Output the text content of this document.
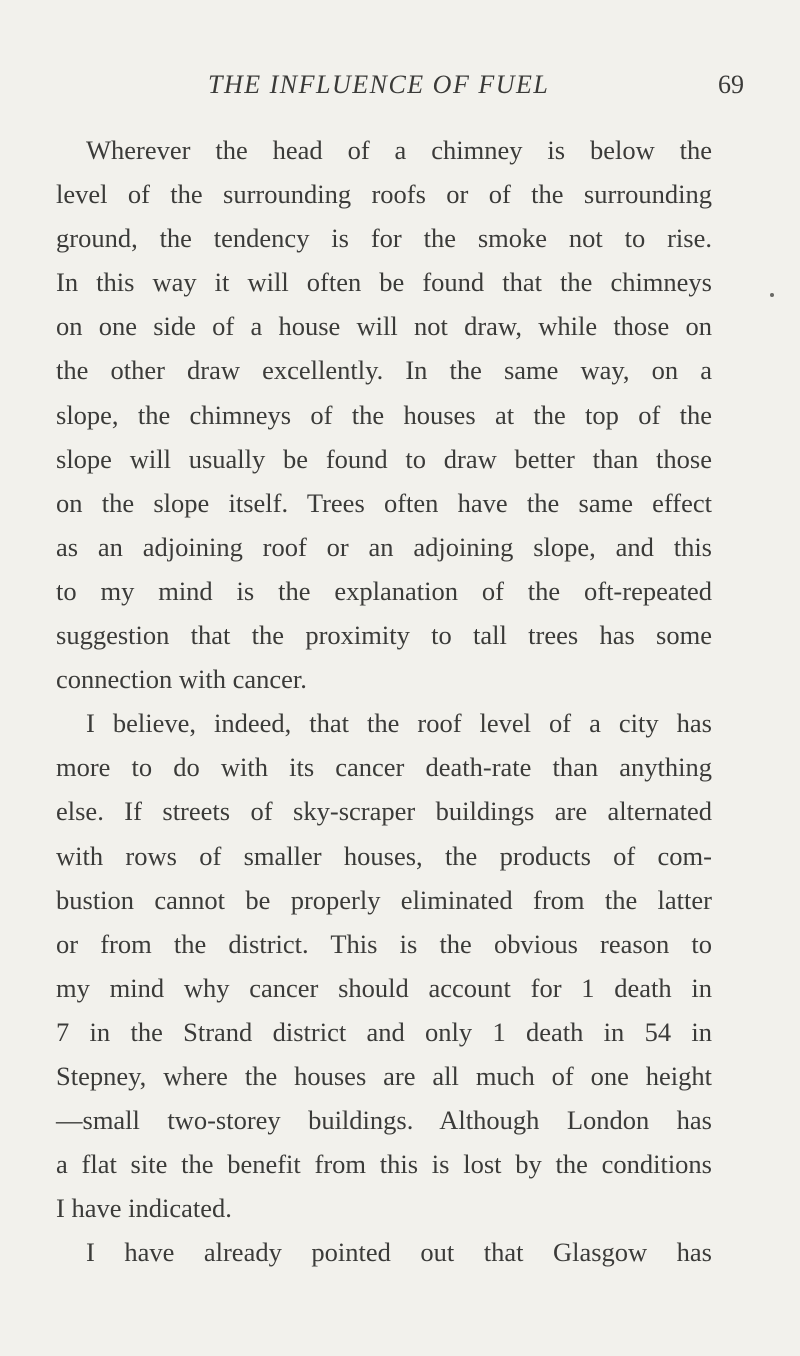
THE INFLUENCE OF FUEL	69
Wherever the head of a chimney is below the
level of the surrounding roofs or of the surrounding
ground, the tendency is for the smoke not to rise.
In this way it will often be found that the chimneys
on one side of a house will not draw, while those on
the other draw excellently. In the same way, on a
slope, the chimneys of the houses at the top of the
slope will usually be found to draw better than those
on the slope itself. Trees often have the same effect
as an adjoining roof or an adjoining slope, and this
to my mind is the explanation of the oft-repeated
suggestion that the proximity to tall trees has some
connection with cancer.
I believe, indeed, that the roof level of a city has
more to do with its cancer death-rate than anything
else. If streets of sky-scraper buildings are alternated
with rows of smaller houses, the products of com-
bustion cannot be properly eliminated from the latter
or from the district. This is the obvious reason to
my mind why cancer should account for 1 death in
7 in the Strand district and only 1 death in 54 in
Stepney, where the houses are all much of one height
—small two-storey buildings. Although London has
a flat site the benefit from this is lost by the conditions
I have indicated.
I have already pointed out that Glasgow has
